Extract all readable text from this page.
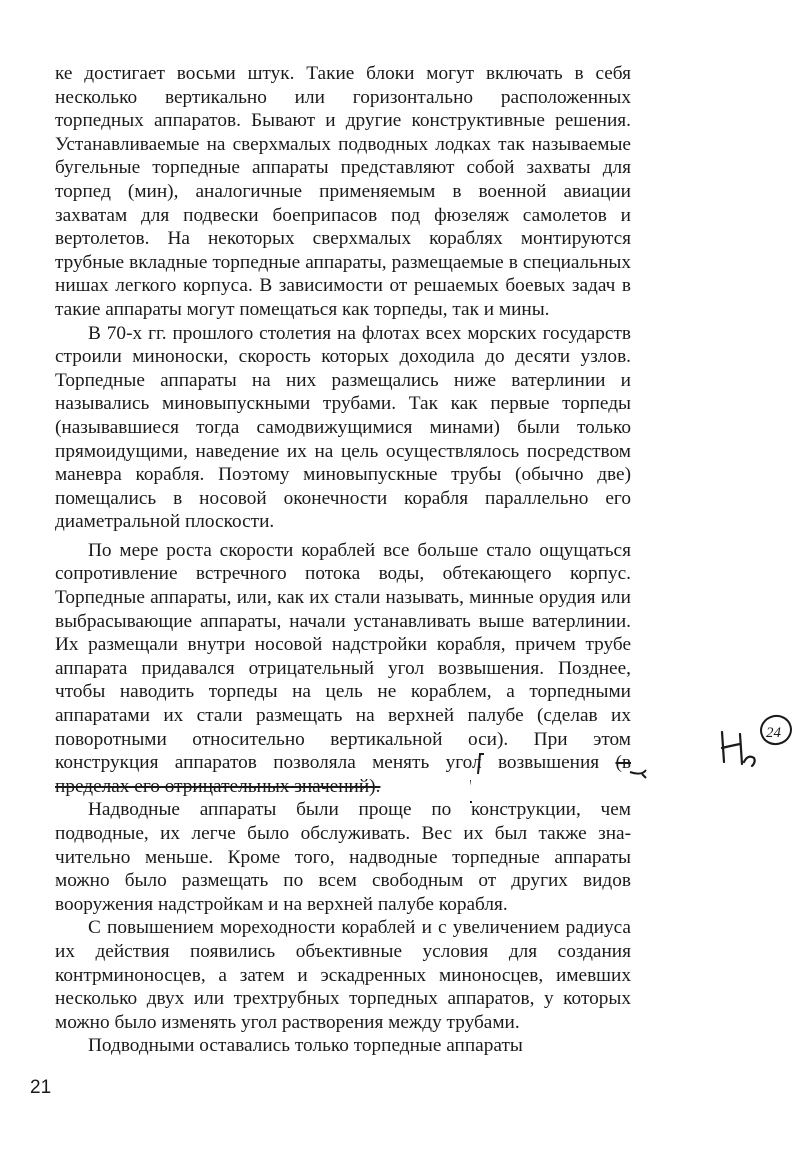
ке достигает восьми штук. Такие блоки могут включать в себя несколько вертикально или горизонтально расположенных торпедных аппаратов. Бывают и другие конструктивные решения. Устанавливаемые на сверхмалых подводных лодках так называемые бугельные торпедные аппараты представляют собой захваты для торпед (мин), аналогичные применяемым в военной авиации захватам для подвески боеприпасов под фюзеляж самолетов и вертолетов. На некоторых сверхмалых кораблях монтируются трубные вкладные торпедные аппараты, размещаемые в специальных нишах легкого корпуса. В зависимости от решаемых боевых задач в такие аппараты могут помещаться как торпеды, так и мины.

В 70-х гг. прошлого столетия на флотах всех морских государств строили миноноски, скорость которых доходила до десяти узлов. Торпедные аппараты на них размещались ниже ватерлинии и назывались миновыпускными трубами. Так как первые торпеды (называвшиеся тогда самодвижущимися минами) были только прямоидущими, наведение их на цель осуществлялось посредством маневра корабля. Поэтому миновыпускные трубы (обычно две) помещались в носовой оконечности корабля параллельно его диаметральной плоскости.

По мере роста скорости кораблей все больше стало ощущаться сопротивление встречного потока воды, обтекающего корпус. Торпедные аппараты, или, как их стали называть, минные орудия или выбрасывающие аппараты, начали устанавливать выше ватерлинии. Их размещали внутри носовой надстройки корабля, причем трубе аппарата придавался отрицательный угол возвышения. Позднее, чтобы наводить торпеды на цель не кораблем, а торпедными аппаратами их стали размещать на верхней палубе (сделав их поворотными относительно вертикальной оси). При этом конструкция аппаратов позволяла менять угол возвышения (в пределах его отрицательных значений).

Надводные аппараты были проще по конструкции, чем подводные, их легче было обслуживать. Вес их был также значительно меньше. Кроме того, надводные торпедные аппараты можно было размещать по всем свободным от других видов вооружения надстройкам и на верхней палубе корабля.

С повышением мореходности кораблей и с увеличением радиуса их действия появились объективные условия для создания контрминоносцев, а затем и эскадренных миноносцев, имевших несколько двух или трехтрубных торпедных аппаратов, у которых можно было изменять угол растворения между трубами.

Подводными оставались только торпедные аппараты

24
21
